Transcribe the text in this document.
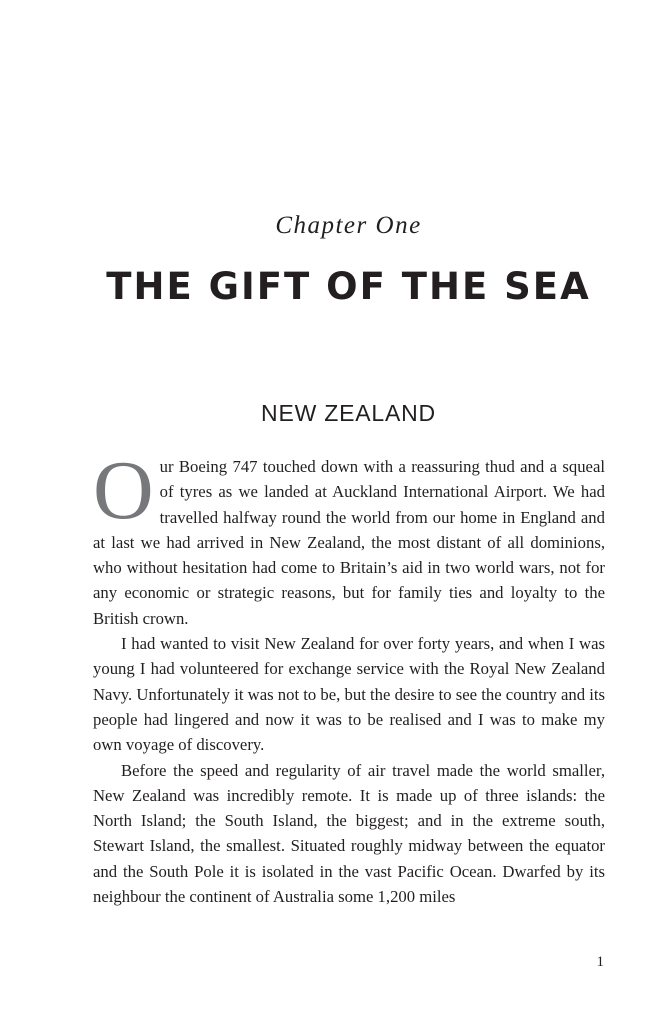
Chapter One
THE GIFT OF THE SEA
NEW ZEALAND

Our Boeing 747 touched down with a reassuring thud and a squeal of tyres as we landed at Auckland International Airport. We had travelled halfway round the world from our home in England and at last we had arrived in New Zealand, the most distant of all dominions, who without hesitation had come to Britain’s aid in two world wars, not for any economic or strategic reasons, but for family ties and loyalty to the British crown.

I had wanted to visit New Zealand for over forty years, and when I was young I had volunteered for exchange service with the Royal New Zealand Navy. Unfortunately it was not to be, but the desire to see the country and its people had lingered and now it was to be realised and I was to make my own voyage of discovery.

Before the speed and regularity of air travel made the world smaller, New Zealand was incredibly remote. It is made up of three islands: the North Island; the South Island, the biggest; and in the extreme south, Stewart Island, the smallest. Situated roughly midway between the equator and the South Pole it is isolated in the vast Pacific Ocean. Dwarfed by its neighbour the continent of Australia some 1,200 miles

1
